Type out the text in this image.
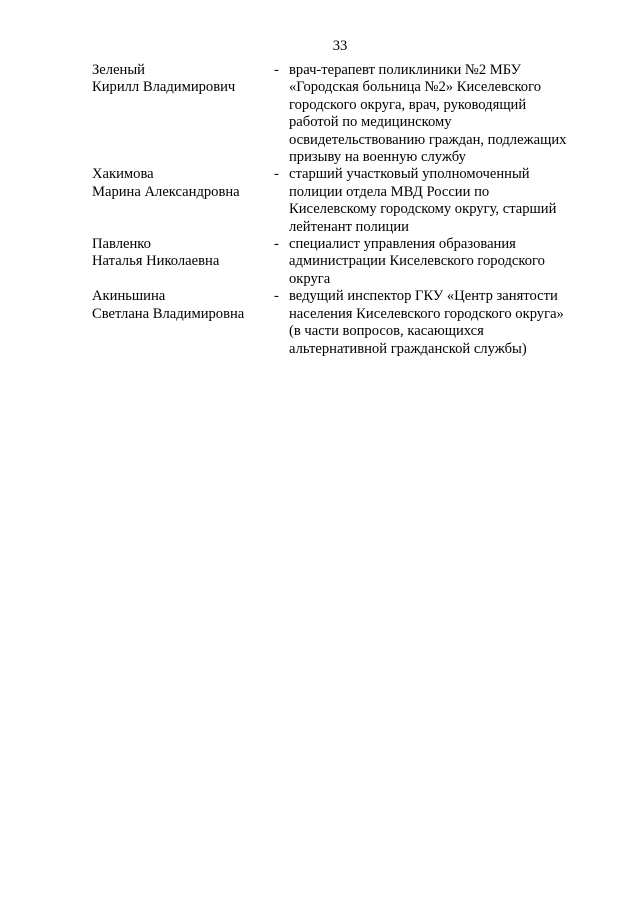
33
Зеленый
Кирилл Владимирович
- врач-терапевт поликлиники №2 МБУ
«Городская больница №2» Киселевского
городского округа, врач, руководящий
работой по медицинскому
освидетельствованию граждан, подлежащих
призыву на военную службу
Хакимова
Марина Александровна
- старший участковый уполномоченный
полиции отдела МВД России по
Киселевскому городскому округу, старший
лейтенант полиции
Павленко
Наталья Николаевна
- специалист управления образования
администрации Киселевского городского
округа
Акиньшина
Светлана Владимировна
- ведущий инспектор ГКУ «Центр занятости
населения Киселевского городского округа»
(в части вопросов, касающихся
альтернативной гражданской службы)
